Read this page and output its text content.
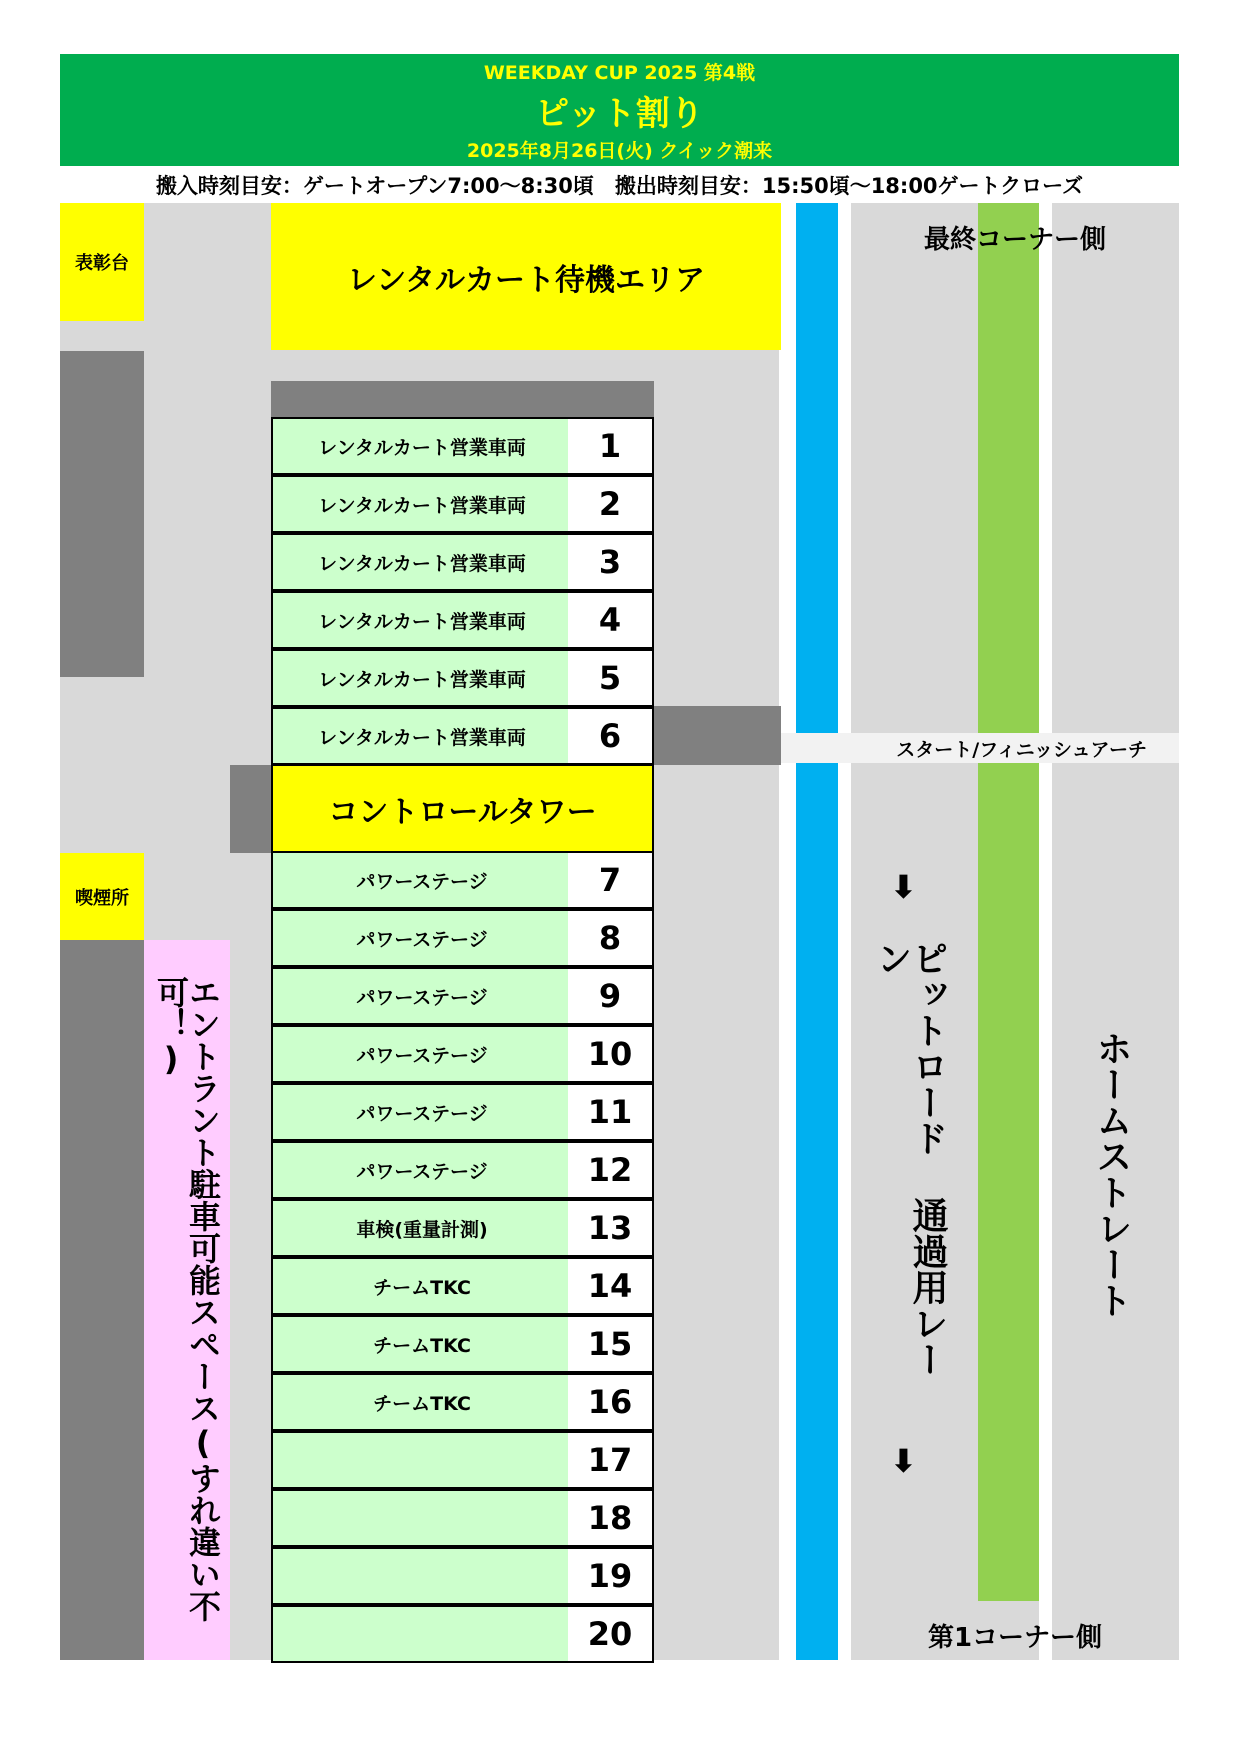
WEEKDAY CUP 2025 第4戦
ピット割り
2025年8月26日(火) クイック潮来
搬入時刻目安：ゲートオープン7:00～8:30頃　搬出時刻目安：15:50頃～18:00ゲートクローズ
表彰台	レンタルカート待機エリア
喫煙所
コントロールタワー
エントラント駐車可能スペース(すれ違い不可！)
⬇
ピットロード 通過用レーン
⬇
最終コーナー側
第1コーナー側
スタート/フィニッシュアーチ
ホームストレート
レンタルカート営業車両	1
レンタルカート営業車両	2
レンタルカート営業車両	3
レンタルカート営業車両	4
レンタルカート営業車両	5
レンタルカート営業車両	6
パワーステージ	7
パワーステージ	8
パワーステージ	9
パワーステージ	10
パワーステージ	11
パワーステージ	12
車検(重量計測)	13
チームTKC	14
チームTKC	15
チームTKC	16
17
18
19
20
